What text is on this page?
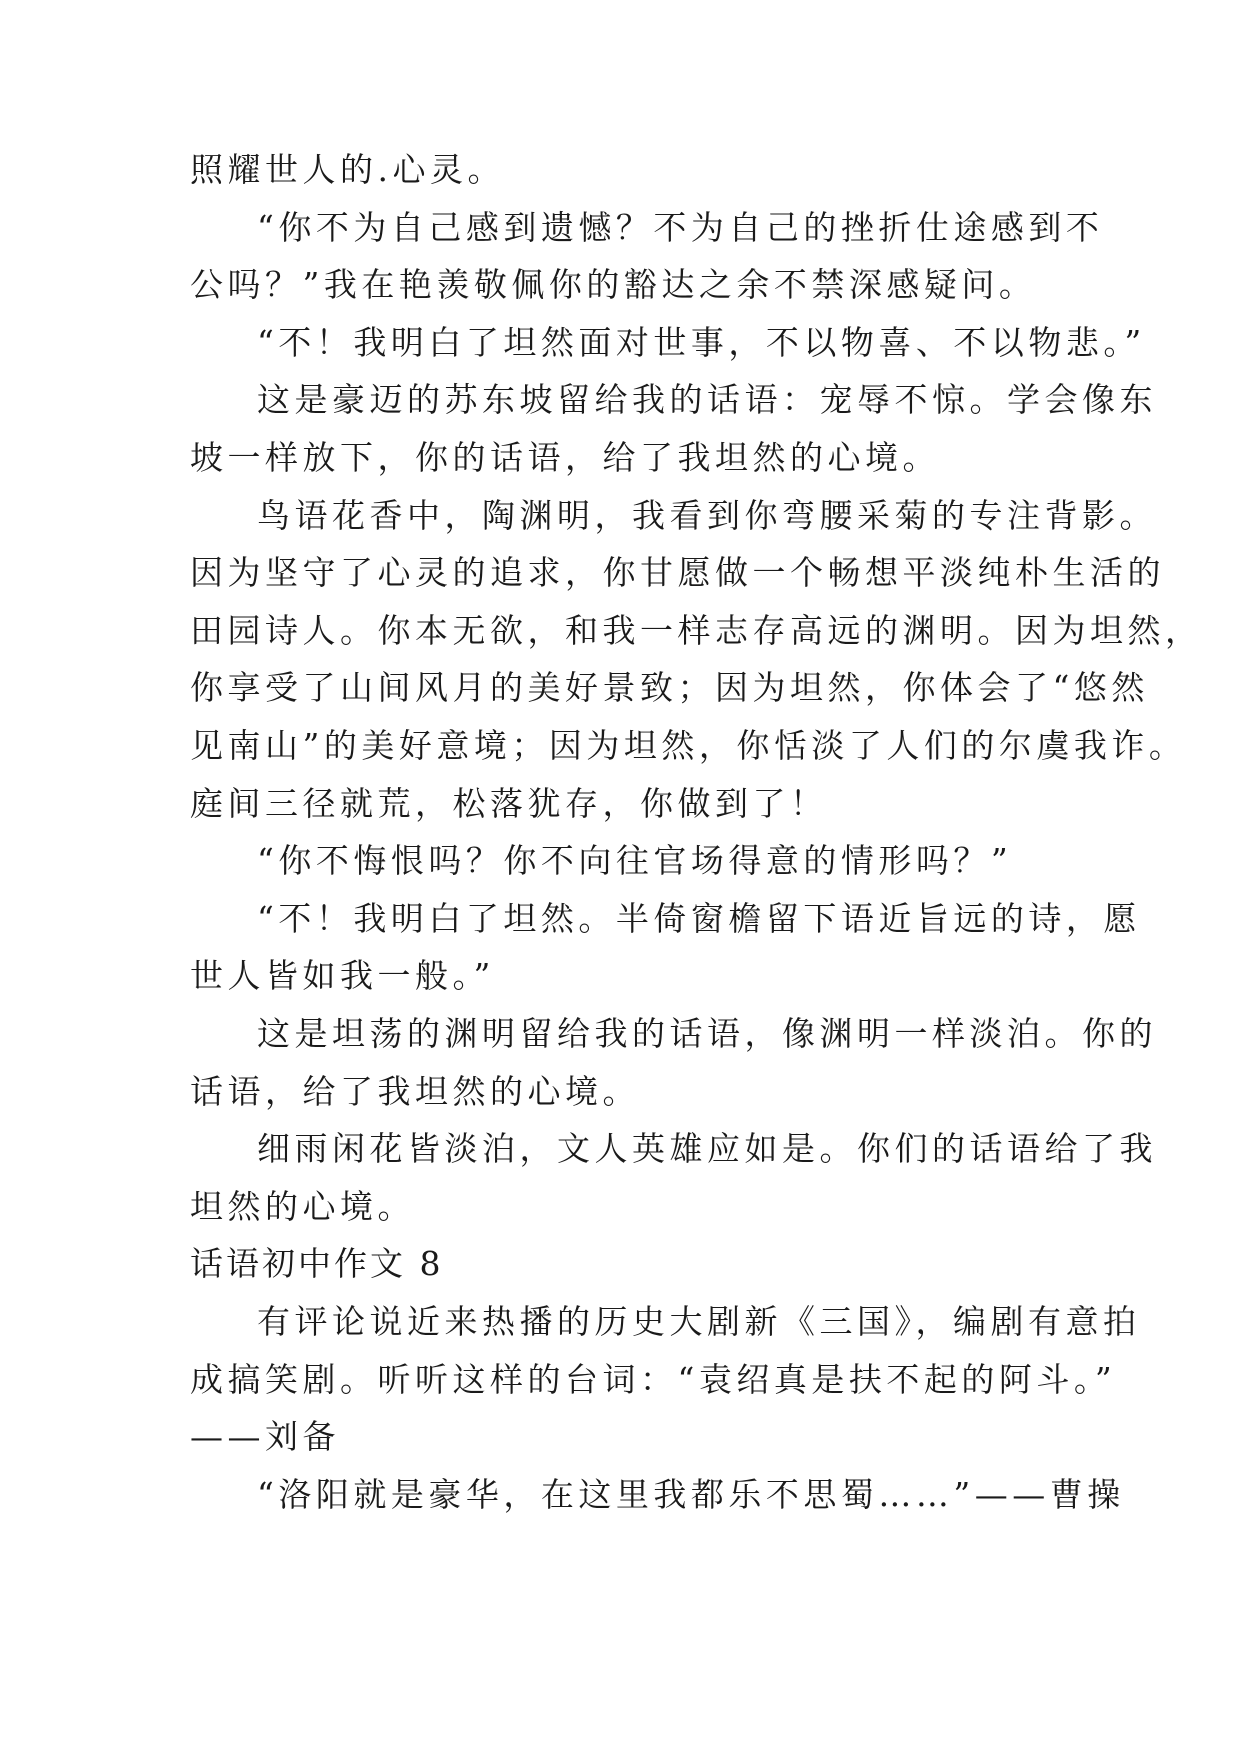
照耀世人的.心灵。
“你不为自己感到遗憾？不为自己的挫折仕途感到不
公吗？”我在艳羡敬佩你的豁达之余不禁深感疑问。
“不！我明白了坦然面对世事，不以物喜、不以物悲。”
这是豪迈的苏东坡留给我的话语：宠辱不惊。学会像东
坡一样放下，你的话语，给了我坦然的心境。
鸟语花香中，陶渊明，我看到你弯腰采菊的专注背影。
因为坚守了心灵的追求，你甘愿做一个畅想平淡纯朴生活的
田园诗人。你本无欲，和我一样志存高远的渊明。因为坦然，
你享受了山间风月的美好景致；因为坦然，你体会了“悠然
见南山”的美好意境；因为坦然，你恬淡了人们的尔虞我诈。
庭间三径就荒，松落犹存，你做到了！
“你不悔恨吗？你不向往官场得意的情形吗？”
“不！我明白了坦然。半倚窗檐留下语近旨远的诗，愿
世人皆如我一般。”
这是坦荡的渊明留给我的话语，像渊明一样淡泊。你的
话语，给了我坦然的心境。
细雨闲花皆淡泊，文人英雄应如是。你们的话语给了我
坦然的心境。
话语初中作文 8
有评论说近来热播的历史大剧新《三国》，编剧有意拍
成搞笑剧。听听这样的台词：“袁绍真是扶不起的阿斗。”
——刘备
“洛阳就是豪华，在这里我都乐不思蜀……”——曹操
